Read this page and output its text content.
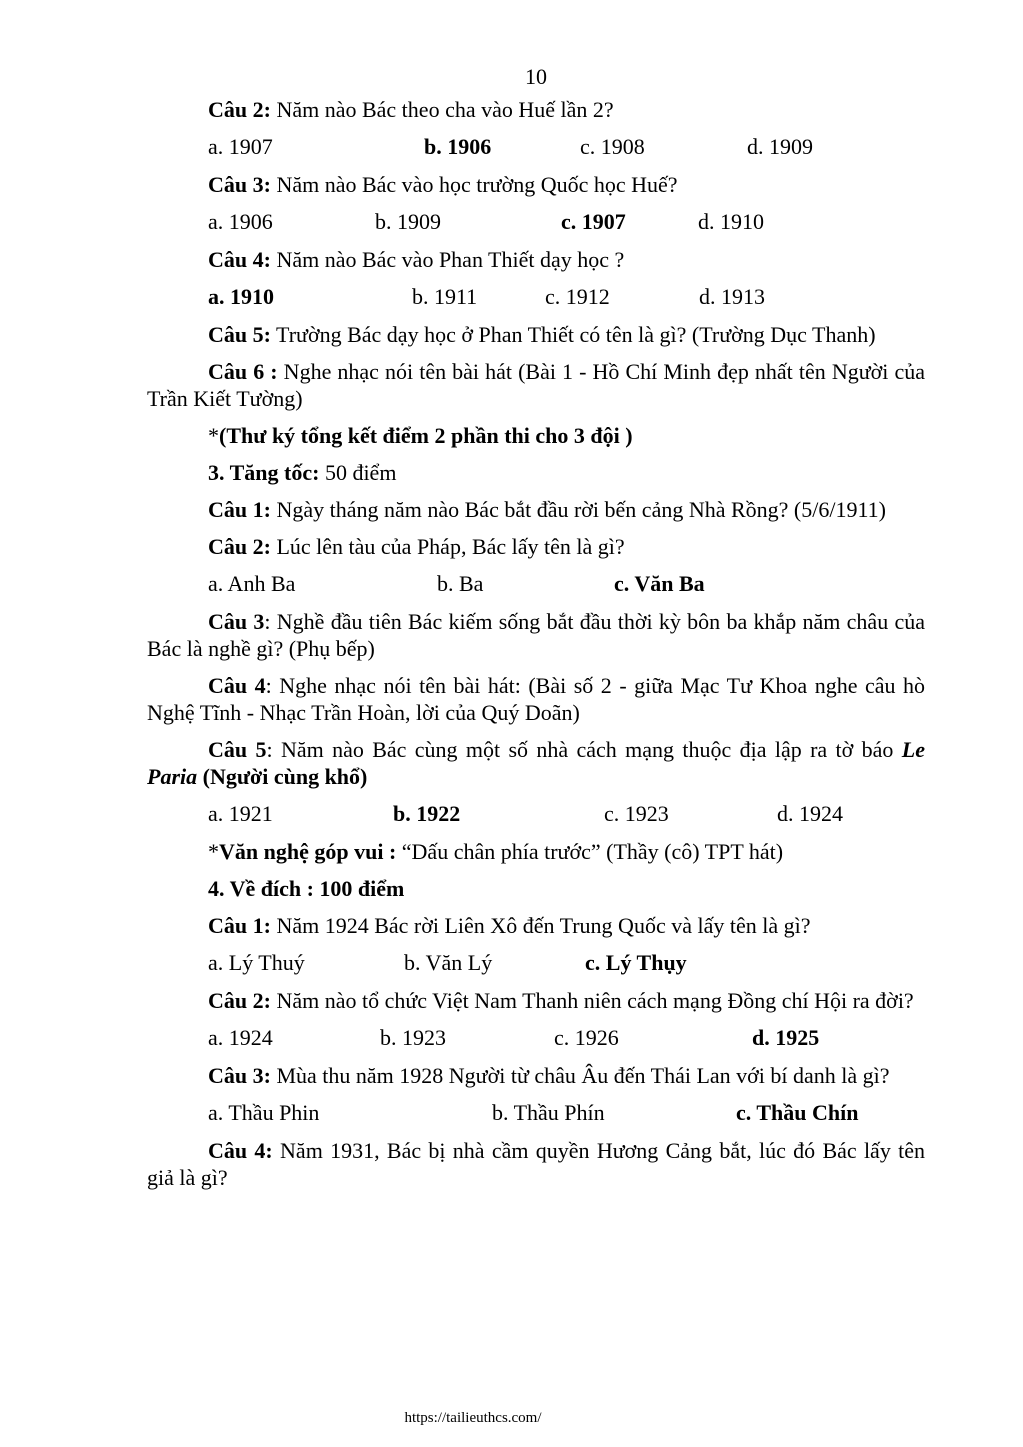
10

Câu 2: Năm nào Bác theo cha vào Huế lần 2?

a. 1907	b. 1906	c. 1908	d. 1909

Câu 3: Năm nào Bác vào học trường Quốc học Huế?

a. 1906	b. 1909	c. 1907	d. 1910

Câu 4: Năm nào Bác vào Phan Thiết dạy học ?

a. 1910	b. 1911	c. 1912	d. 1913

Câu 5: Trường Bác dạy học ở Phan Thiết có tên là gì? (Trường Dục Thanh)

Câu 6 : Nghe nhạc nói tên bài hát (Bài 1 - Hồ Chí Minh đẹp nhất tên Người của Trần Kiết Tường)

*(Thư ký tổng kết điểm 2 phần thi cho 3 đội )

3. Tăng tốc: 50 điểm

Câu 1: Ngày tháng năm nào Bác bắt đầu rời bến cảng Nhà Rồng? (5/6/1911)

Câu 2: Lúc lên tàu của Pháp, Bác lấy tên là gì?

a. Anh Ba	b. Ba	c. Văn Ba

Câu 3: Nghề đầu tiên Bác kiếm sống bắt đầu thời kỳ bôn ba khắp năm châu của Bác là nghề gì? (Phụ bếp)

Câu 4: Nghe nhạc nói tên bài hát: (Bài số 2 - giữa Mạc Tư Khoa nghe câu hò Nghệ Tĩnh - Nhạc Trần Hoàn, lời của Quý Doãn)

Câu 5: Năm nào Bác cùng một số nhà cách mạng thuộc địa lập ra tờ báo Le Paria (Người cùng khổ)

a. 1921	b. 1922	c. 1923	d. 1924

*Văn nghệ góp vui : “Dấu chân phía trước” (Thầy (cô) TPT hát)

4. Về đích : 100 điểm

Câu 1: Năm 1924 Bác rời Liên Xô đến Trung Quốc và lấy tên là gì?

a. Lý Thuý	b. Văn Lý	c. Lý Thụy

Câu 2: Năm nào tổ chức Việt Nam Thanh niên cách mạng Đồng chí Hội ra đời?

a. 1924	b. 1923	c. 1926	d. 1925

Câu 3: Mùa thu năm 1928 Người từ châu Âu đến Thái Lan với bí danh là gì?

a. Thầu Phin	b. Thầu Phín	c. Thầu Chín

Câu 4: Năm 1931, Bác bị nhà cầm quyền Hương Cảng bắt, lúc đó Bác lấy tên giả là gì?

https://tailieuthcs.com/
